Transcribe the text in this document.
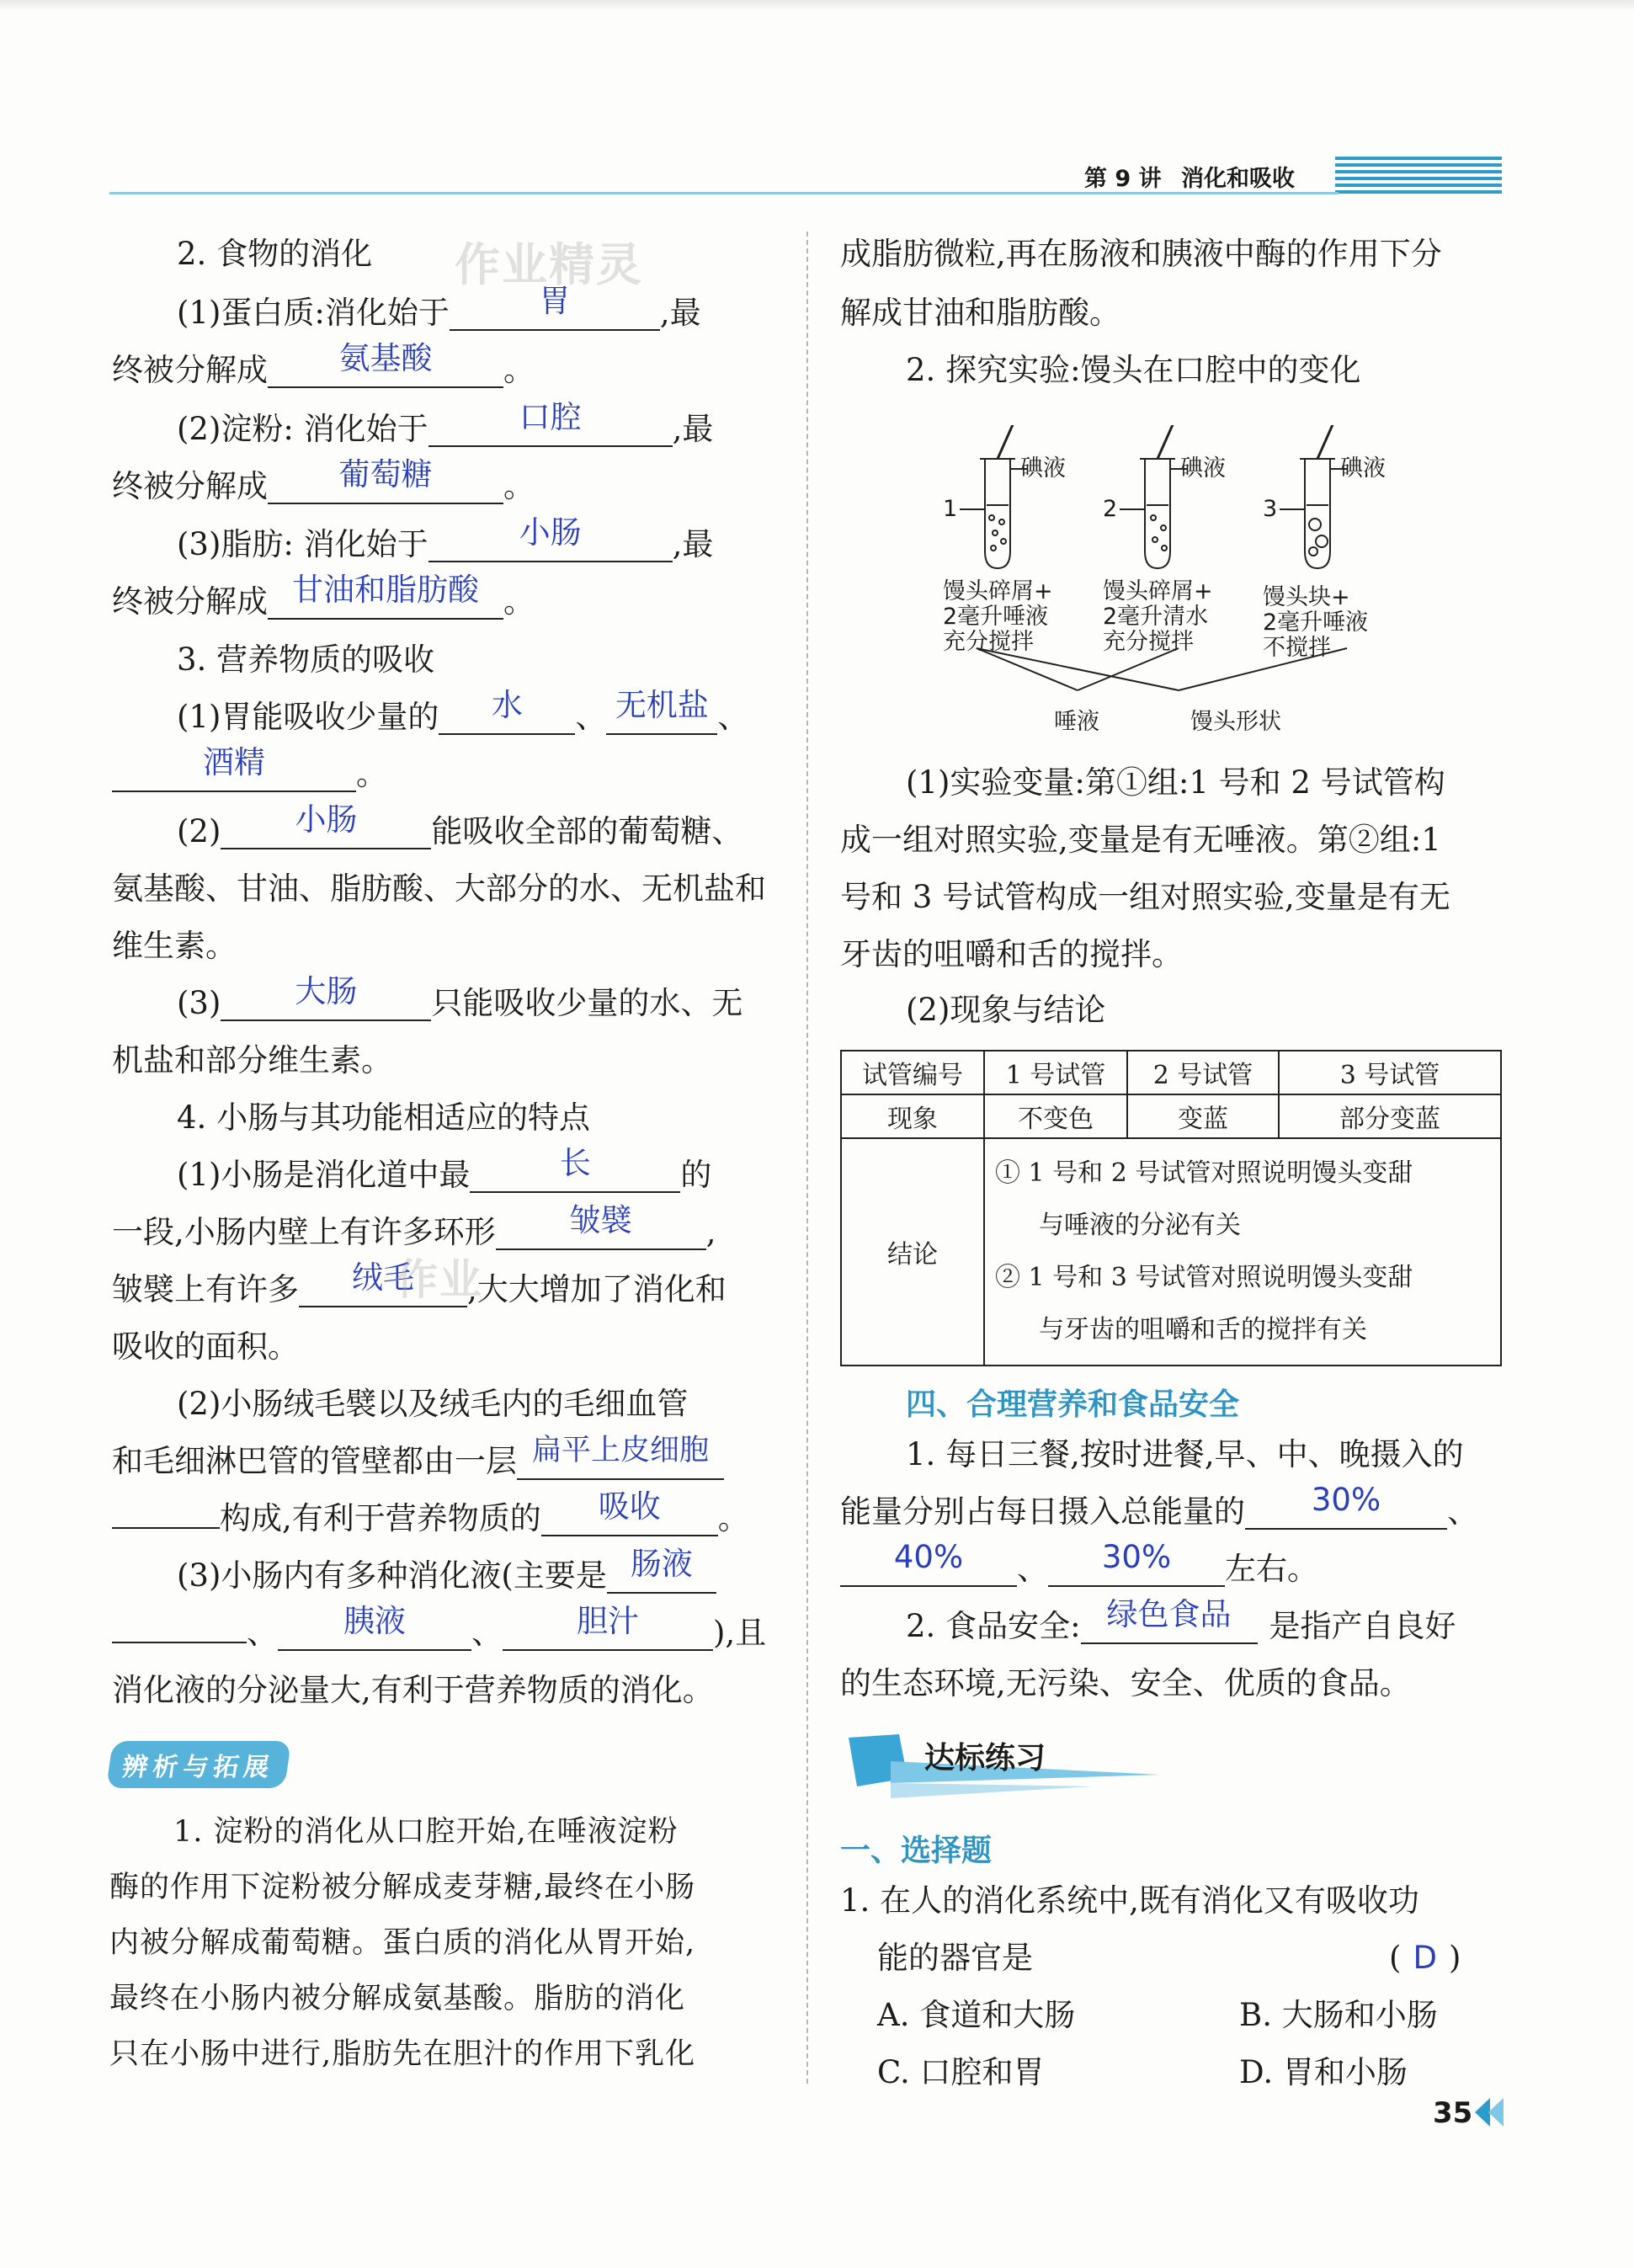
第 9 讲 消化和吸收
作业精灵
2. 食物的消化
(1)蛋白质:消化始于	胃	,最
终被分解成 氨基酸 。
(2)淀粉: 消化始于	口腔	,最
终被分解成 葡萄糖 。
(3)脂肪: 消化始于	小肠	,最
终被分解成 甘油和脂肪酸 。
3. 营养物质的吸收
(1)胃能吸收少量的 水 、 无机盐 、
酒精	。
(2) 小肠 能吸收全部的葡萄糖、
氨基酸、甘油、脂肪酸、大部分的水、无机盐和
维生素。
(3) 大肠 只能吸收少量的水、无
机盐和部分维生素。
4. 小肠与其功能相适应的特点
(1)小肠是消化道中最	长	的
一段,小肠内壁上有许多环形 皱襞 ,
皱襞上有许多 绒毛 ,大大增加了消化和
作业
吸收的面积。
(2)小肠绒毛襞以及绒毛内的毛细血管
和毛细淋巴管的管壁都由一层 扁平上皮细胞
构成,有利于营养物质的 吸收 。
(3)小肠内有多种消化液(主要是 肠液
、 胰液 、 胆汁 ),且
消化液的分泌量大,有利于营养物质的消化。
辨析与拓展
1. 淀粉的消化从口腔开始,在唾液淀粉
酶的作用下淀粉被分解成麦芽糖,最终在小肠
内被分解成葡萄糖。蛋白质的消化从胃开始,
最终在小肠内被分解成氨基酸。脂肪的消化
只在小肠中进行,脂肪先在胆汁的作用下乳化
成脂肪微粒,再在肠液和胰液中酶的作用下分
解成甘油和脂肪酸。
2. 探究实验:馒头在口腔中的变化
碘液	碘液	碘液
1	2	3
馒头碎屑+
2毫升唾液
充分搅拌
馒头碎屑+
2毫升清水
充分搅拌
馒头块+
2毫升唾液
不搅拌
唾液	馒头形状
(1)实验变量:第①组:1 号和 2 号试管构
成一组对照实验,变量是有无唾液。第②组:1
号和 3 号试管构成一组对照实验,变量是有无
牙齿的咀嚼和舌的搅拌。
(2)现象与结论
试管编号	1 号试管	2 号试管	3 号试管
现象	不变色	变蓝	部分变蓝
结论	① 1 号和 2 号试管对照说明馒头变甜
与唾液的分泌有关
② 1 号和 3 号试管对照说明馒头变甜
与牙齿的咀嚼和舌的搅拌有关		
四、合理营养和食品安全
1. 每日三餐,按时进餐,早、中、晚摄入的
能量分别占每日摄入总能量的 30% 、
40% 、 30% 左右。
2. 食品安全: 绿色食品 是指产自良好
的生态环境,无污染、安全、优质的食品。
达标练习
一、选择题
1. 在人的消化系统中,既有消化又有吸收功
能的器官是	( D )
A. 食道和大肠	B. 大肠和小肠
C. 口腔和胃	D. 胃和小肠
35
